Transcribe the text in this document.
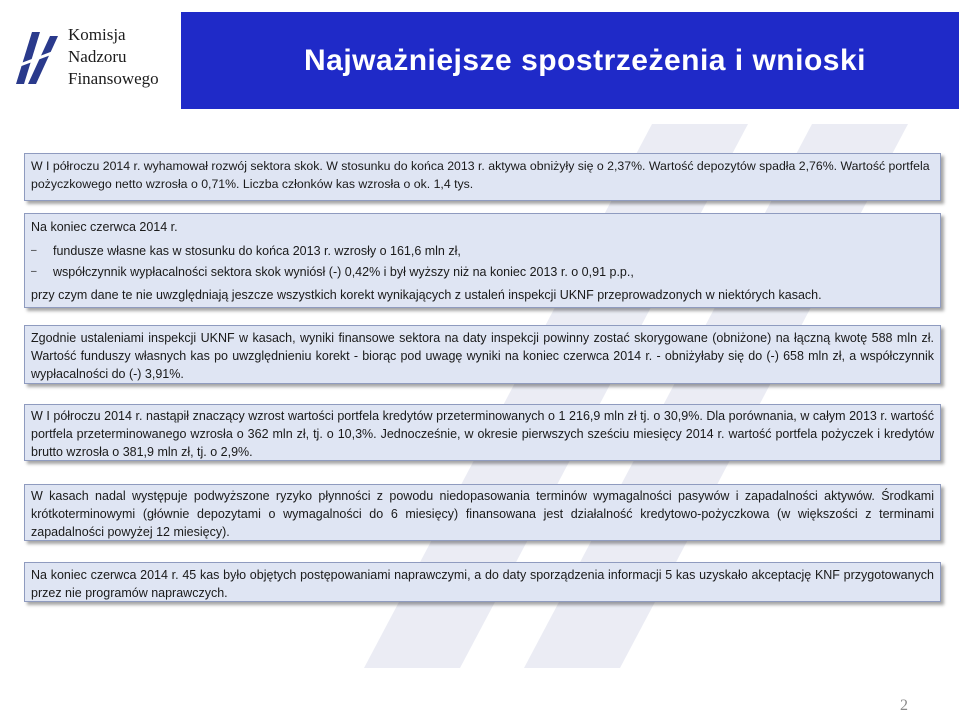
Komisja
Nadzoru
Finansowego
Najważniejsze spostrzeżenia i wnioski

W I półroczu 2014 r. wyhamował rozwój sektora skok. W stosunku do końca 2013 r. aktywa obniżyły się o 2,37%. Wartość depozytów spadła 2,76%. Wartość portfela pożyczkowego netto wzrosła o 0,71%. Liczba członków kas wzrosła o ok. 1,4 tys.

Na koniec czerwca 2014 r.

–	fundusze własne kas w stosunku do końca 2013 r. wzrosły o 161,6 mln zł,
–	współczynnik wypłacalności sektora skok wyniósł (-) 0,42% i był wyższy niż na koniec 2013 r. o 0,91 p.p.,

przy czym dane te nie uwzględniają jeszcze wszystkich korekt wynikających z ustaleń inspekcji UKNF przeprowadzonych w niektórych kasach.

Zgodnie ustaleniami inspekcji UKNF w kasach, wyniki finansowe sektora na daty inspekcji powinny zostać skorygowane (obniżone) na łączną kwotę 588 mln zł. Wartość funduszy własnych kas po uwzględnieniu korekt - biorąc pod uwagę wyniki na koniec czerwca 2014 r. - obniżyłaby się do (-) 658 mln zł, a współczynnik wypłacalności do (-) 3,91%.

W I półroczu 2014 r. nastąpił znaczący wzrost wartości portfela kredytów przeterminowanych o 1 216,9 mln zł tj. o 30,9%. Dla porównania, w całym 2013 r. wartość portfela przeterminowanego wzrosła o 362 mln zł, tj. o 10,3%. Jednocześnie, w okresie pierwszych sześciu miesięcy 2014 r. wartość portfela pożyczek i kredytów brutto wzrosła o 381,9 mln zł, tj. o 2,9%.

W kasach nadal występuje podwyższone ryzyko płynności z powodu niedopasowania terminów wymagalności pasywów i zapadalności aktywów. Środkami krótkoterminowymi (głównie depozytami o wymagalności do 6 miesięcy) finansowana jest działalność kredytowo-pożyczkowa (w większości z terminami zapadalności powyżej 12 miesięcy).

Na koniec czerwca 2014 r. 45 kas było objętych postępowaniami naprawczymi, a do daty sporządzenia informacji 5 kas uzyskało akceptację KNF przygotowanych przez nie programów naprawczych.

2
